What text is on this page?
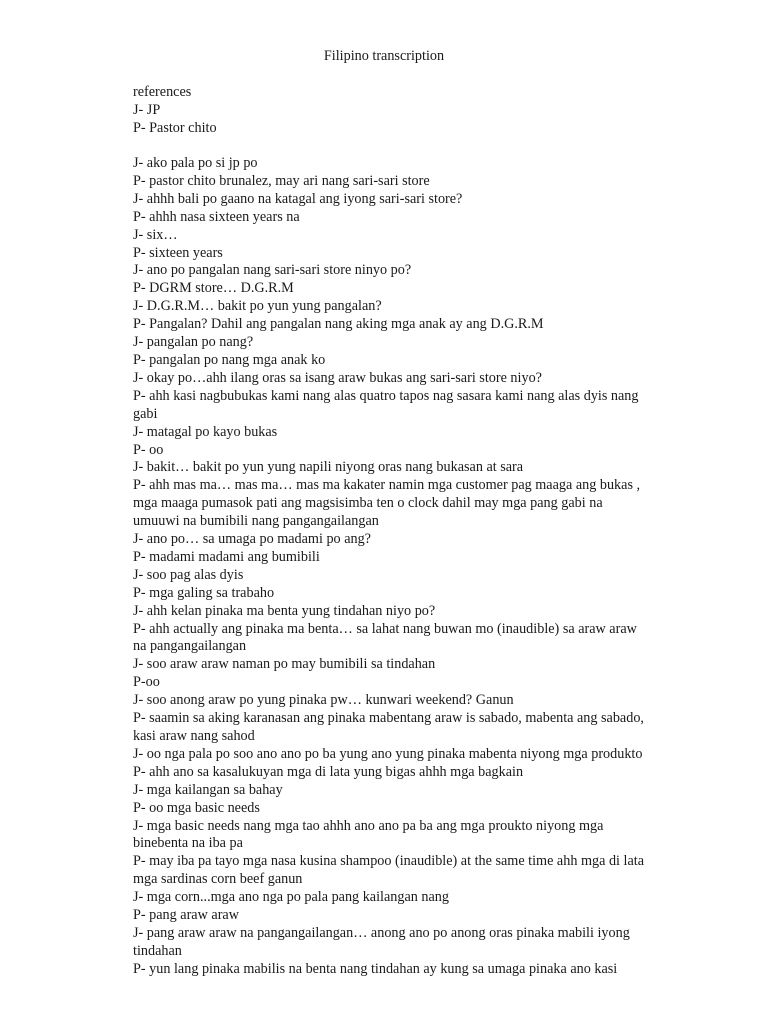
Filipino transcription
references
J- JP
P- Pastor chito
J- ako pala po si jp po
P- pastor chito brunalez, may ari nang sari-sari store
J- ahhh bali po gaano na katagal ang iyong sari-sari store?
P- ahhh nasa sixteen years na
J- six…
P- sixteen years
J- ano po pangalan nang sari-sari store ninyo po?
P- DGRM store… D.G.R.M
J- D.G.R.M… bakit po yun yung pangalan?
P- Pangalan? Dahil ang pangalan nang aking mga anak ay ang D.G.R.M
J- pangalan po nang?
P- pangalan po nang mga anak ko
J- okay po…ahh ilang oras sa isang araw bukas ang sari-sari store niyo?
P- ahh kasi nagbubukas kami nang alas quatro tapos nag sasara kami nang alas dyis nang
gabi
J- matagal po kayo bukas
P- oo
J- bakit… bakit po yun yung napili niyong oras nang bukasan at sara
P- ahh mas ma… mas ma… mas ma kakater namin mga customer pag maaga ang bukas ,
mga maaga pumasok pati ang magsisimba ten o clock dahil may mga pang gabi na
umuuwi na bumibili nang pangangailangan
J- ano po… sa umaga po madami po ang?
P- madami madami ang bumibili
J- soo pag alas dyis
P- mga galing sa trabaho
J- ahh kelan pinaka ma benta yung tindahan niyo po?
P- ahh actually ang pinaka ma benta… sa lahat nang buwan mo (inaudible) sa araw araw
na pangangailangan
J- soo araw araw naman po may bumibili sa tindahan
P-oo
J- soo anong araw po yung pinaka pw… kunwari weekend? Ganun
P- saamin sa aking karanasan ang pinaka mabentang araw is sabado, mabenta ang sabado,
kasi araw nang sahod
J- oo nga pala po soo ano ano po ba yung ano yung pinaka mabenta niyong mga produkto
P- ahh ano sa kasalukuyan mga di lata yung bigas ahhh mga bagkain
J- mga kailangan sa bahay
P- oo mga basic needs
J- mga basic needs nang mga tao ahhh ano ano pa ba ang mga proukto niyong mga
binebenta na iba pa
P- may iba pa tayo mga nasa kusina shampoo (inaudible) at the same time ahh mga di lata
mga sardinas corn beef ganun
J- mga corn...mga ano nga po pala pang kailangan nang
P- pang araw araw
J- pang araw araw na pangangailangan… anong ano po anong oras pinaka mabili iyong
tindahan
P- yun lang pinaka mabilis na benta nang tindahan ay kung sa umaga pinaka ano kasi
